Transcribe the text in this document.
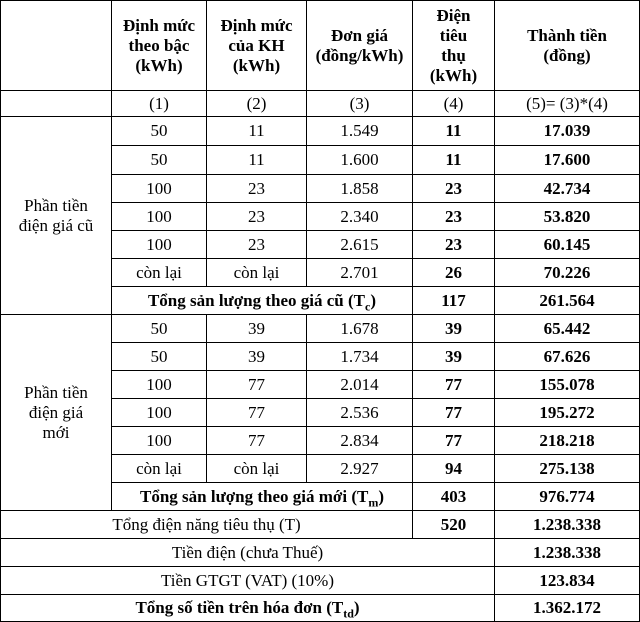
	Định mức
theo bậc
(kWh)	Định mức
của KH
(kWh)	Đơn giá
(đồng/kWh)	Điện
tiêu
thụ
(kWh)	Thành tiền
(đồng)

	(1)	(2)	(3)	(4)	(5)= (3)*(4)

Phần tiền
điện giá cũ	50	11	1.549	11	17.039
	50	11	1.600	11	17.600
	100	23	1.858	23	42.734
	100	23	2.340	23	53.820
	100	23	2.615	23	60.145
	còn lại	còn lại	2.701	26	70.226
	Tổng sản lượng theo giá cũ $(T_c)$			117	261.564

Phần tiền
điện giá
mới	50	39	1.678	39	65.442
	50	39	1.734	39	67.626
	100	77	2.014	77	155.078
	100	77	2.536	77	195.272
	100	77	2.834	77	218.218
	còn lại	còn lại	2.927	94	275.138
	Tổng sản lượng theo giá mới $(T_m)$			403	976.774
Tổng điện năng tiêu thụ (T)				520	1.238.338
Tiền điện (chưa Thuế)					1.238.338
Tiền GTGT (VAT) (10%)					123.834
Tổng số tiền trên hóa đơn $(T_{td})$					1.362.172
